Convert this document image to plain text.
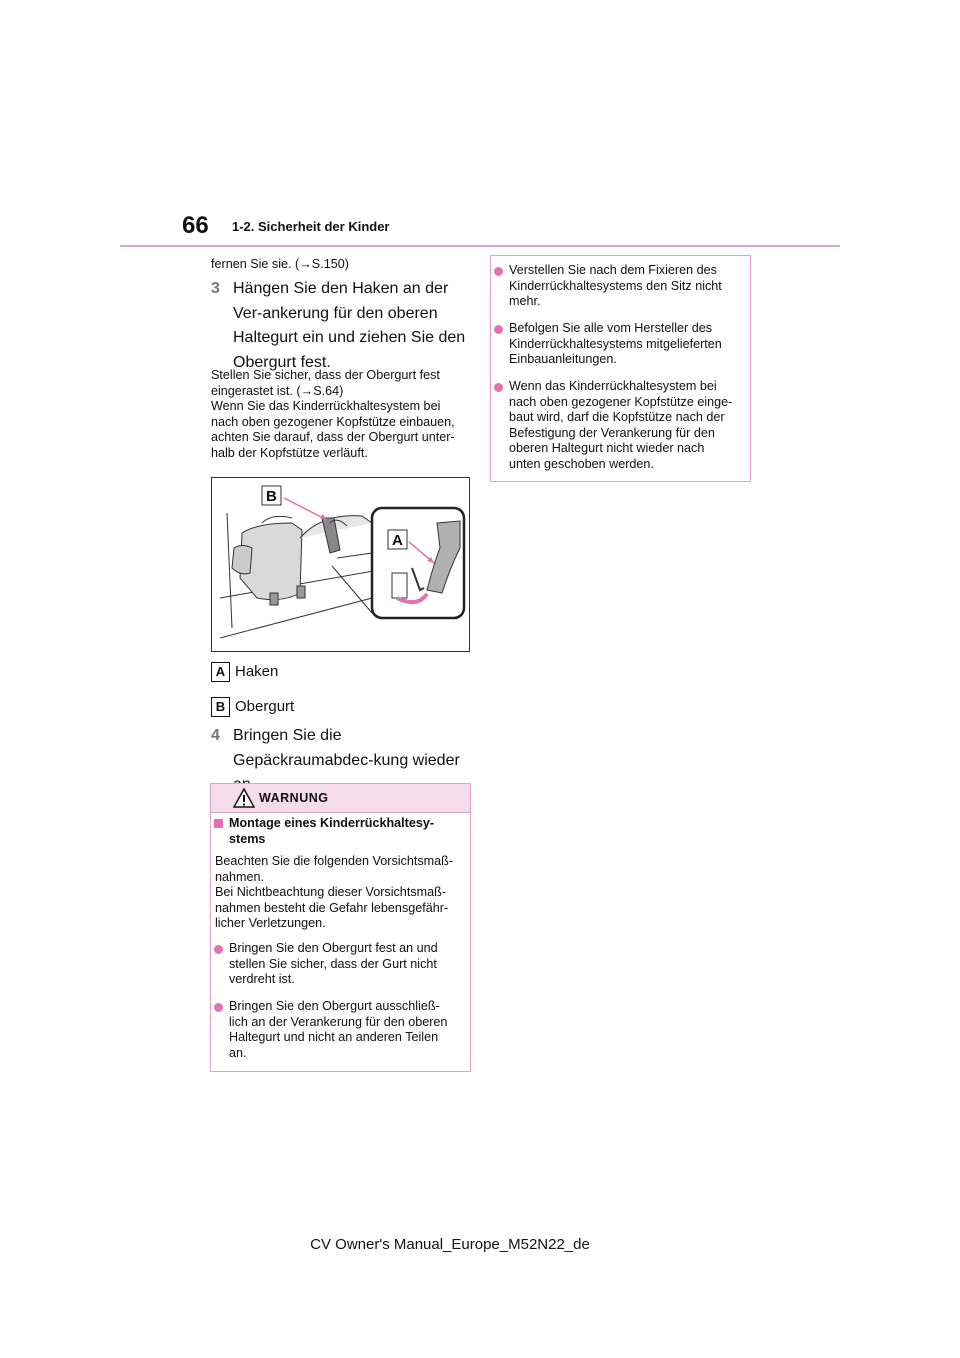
66 1-2. Sicherheit der Kinder
fernen Sie sie. (→S.150)
3 Hängen Sie den Haken an der Ver-ankerung für den oberen Haltegurt ein und ziehen Sie den Obergurt fest.
Stellen Sie sicher, dass der Obergurt fest
eingerastet ist. (→S.64)
Wenn Sie das Kinderrückhaltesystem bei
nach oben gezogener Kopfstütze einbauen,
achten Sie darauf, dass der Obergurt unter-
halb der Kopfstütze verläuft.
B
A
A Haken
B Obergurt
4 Bringen Sie die Gepäckraumabdec-kung wieder
WARNUNG
Montage eines Kinderrückhaltesy-
stems
Beachten Sie die folgenden Vorsichtsmaß-
nahmen.
Bei Nichtbeachtung dieser Vorsichtsmaß-
nahmen besteht die Gefahr lebensgefähr-
licher Verletzungen.
Bringen Sie den Obergurt fest an und
stellen Sie sicher, dass der Gurt nicht
verdreht ist.
Bringen Sie den Obergurt ausschließ-
lich an der Verankerung für den oberen
Haltegurt und nicht an anderen Teilen
an.
Verstellen Sie nach dem Fixieren des
Kinderrückhaltesystems den Sitz nicht
mehr.
Befolgen Sie alle vom Hersteller des
Kinderrückhaltesystems mitgelieferten
Einbauanleitungen.
Wenn das Kinderrückhaltesystem bei
nach oben gezogener Kopfstütze einge-
baut wird, darf die Kopfstütze nach der
Befestigung der Verankerung für den
oberen Haltegurt nicht wieder nach
unten geschoben werden.
CV Owner's Manual_Europe_M52N22_de
